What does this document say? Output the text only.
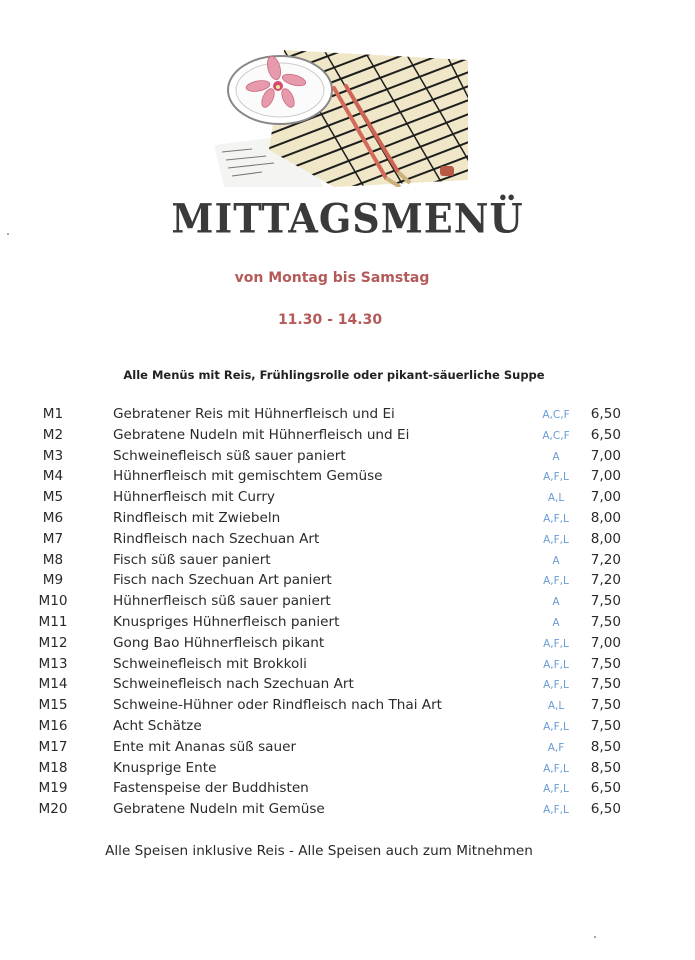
MITTAGSMENÜ
von Montag bis Samstag
11.30 - 14.30
Alle Menüs mit Reis, Frühlingsrolle oder pikant-säuerliche Suppe
M1	Gebratener Reis mit Hühnerfleisch und Ei	A,C,F	6,50
M2	Gebratene Nudeln mit Hühnerfleisch und Ei	A,C,F	6,50
M3	Schweinefleisch süß sauer paniert	A	7,00
M4	Hühnerfleisch mit gemischtem Gemüse	A,F,L	7,00
M5	Hühnerfleisch mit Curry	A,L	7,00
M6	Rindfleisch mit Zwiebeln	A,F,L	8,00
M7	Rindfleisch nach Szechuan Art	A,F,L	8,00
M8	Fisch süß sauer paniert	A	7,20
M9	Fisch nach Szechuan Art paniert	A,F,L	7,20
M10	Hühnerfleisch süß sauer paniert	A	7,50
M11	Knuspriges Hühnerfleisch paniert	A	7,50
M12	Gong Bao Hühnerfleisch pikant	A,F,L	7,00
M13	Schweinefleisch mit Brokkoli	A,F,L	7,50
M14	Schweinefleisch nach Szechuan Art	A,F,L	7,50
M15	Schweine-Hühner oder Rindfleisch nach Thai Art	A,L	7,50
M16	Acht Schätze	A,F,L	7,50
M17	Ente mit Ananas süß sauer	A,F	8,50
M18	Knusprige Ente	A,F,L	8,50
M19	Fastenspeise der Buddhisten	A,F,L	6,50
M20	Gebratene Nudeln mit Gemüse	A,F,L	6,50
Alle Speisen inklusive Reis - Alle Speisen auch zum Mitnehmen
